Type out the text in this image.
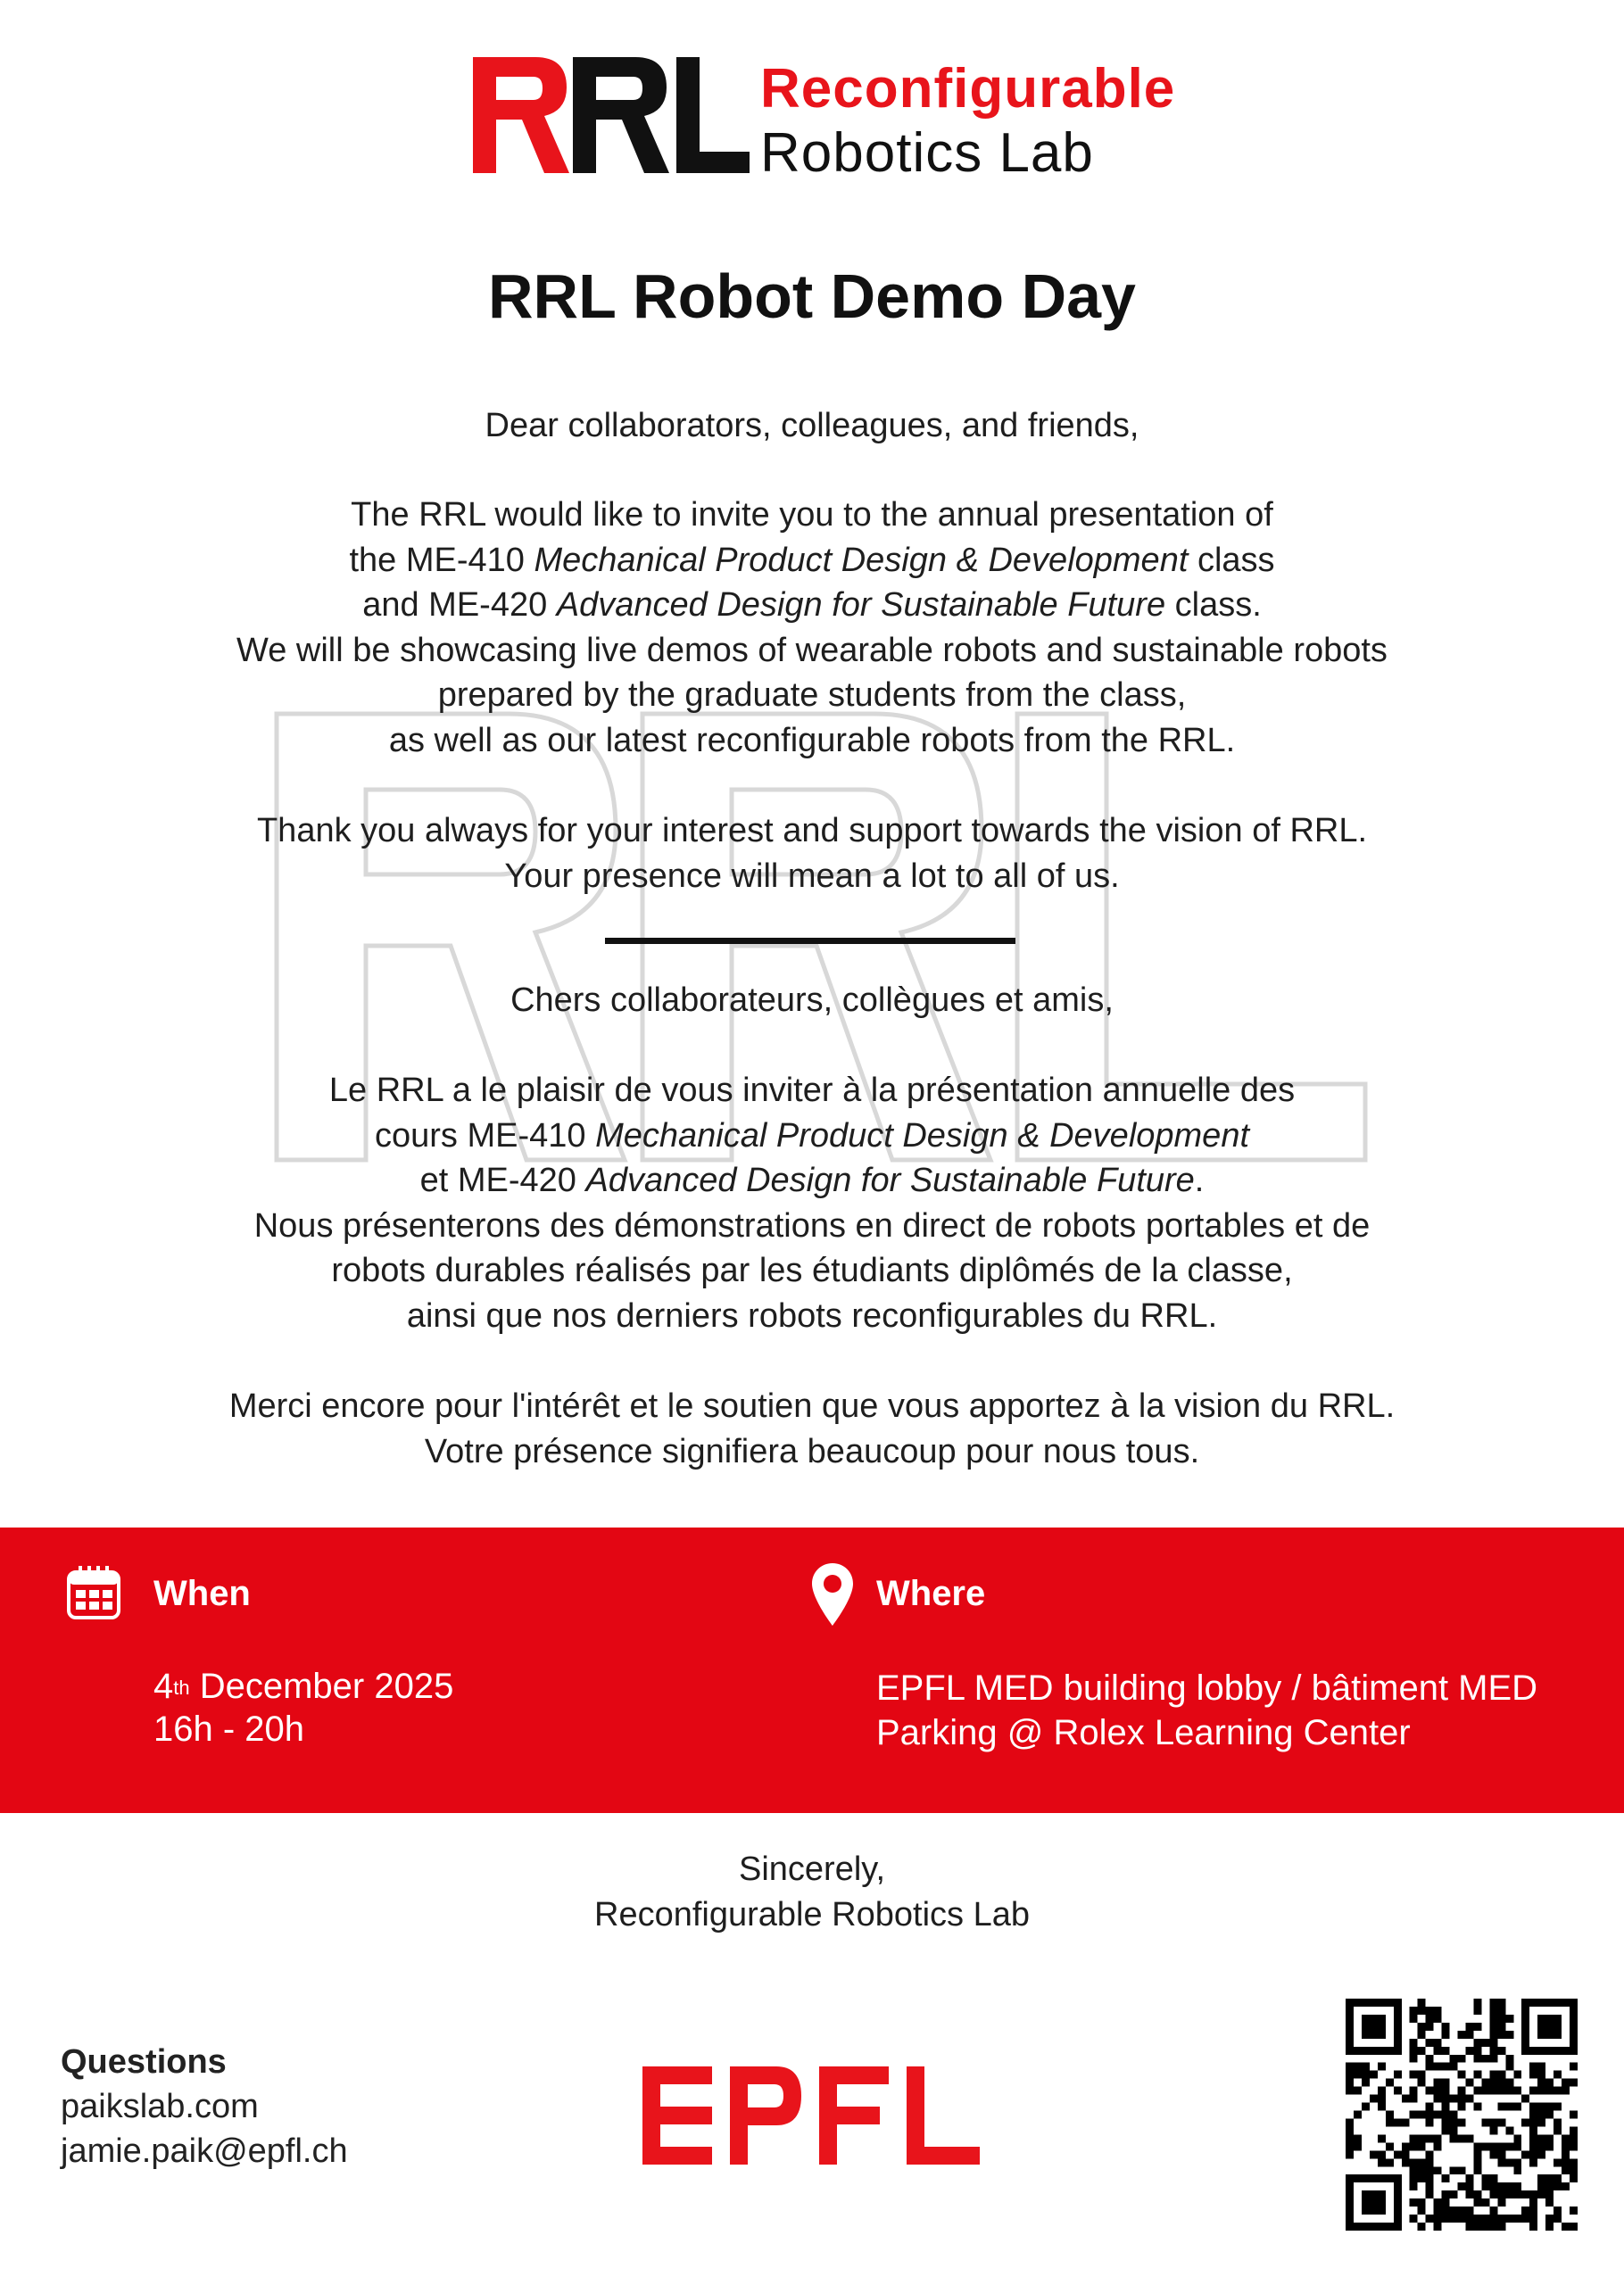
Reconfigurable
Robotics Lab
RRL Robot Demo Day
Dear collaborators, colleagues, and friends,
The RRL would like to invite you to the annual presentation of
the ME-410 Mechanical Product Design & Development class
and ME-420 Advanced Design for Sustainable Future class.
We will be showcasing live demos of wearable robots and sustainable robots
prepared by the graduate students from the class,
as well as our latest reconfigurable robots from the RRL.
Thank you always for your interest and support towards the vision of RRL.
Your presence will mean a lot to all of us.
Chers collaborateurs, collègues et amis,
Le RRL a le plaisir de vous inviter à la présentation annuelle des
cours ME-410 Mechanical Product Design & Development
et ME-420 Advanced Design for Sustainable Future.
Nous présenterons des démonstrations en direct de robots portables et de
robots durables réalisés par les étudiants diplômés de la classe,
ainsi que nos derniers robots reconfigurables du RRL.
Merci encore pour l'intérêt et le soutien que vous apportez à la vision du RRL.
Votre présence signifiera beaucoup pour nous tous.
When
4th December 2025
16h - 20h
Where
EPFL MED building lobby / bâtiment MED
Parking @ Rolex Learning Center
Sincerely,
Reconfigurable Robotics Lab
Questions
paikslab.com
jamie.paik@epfl.ch
